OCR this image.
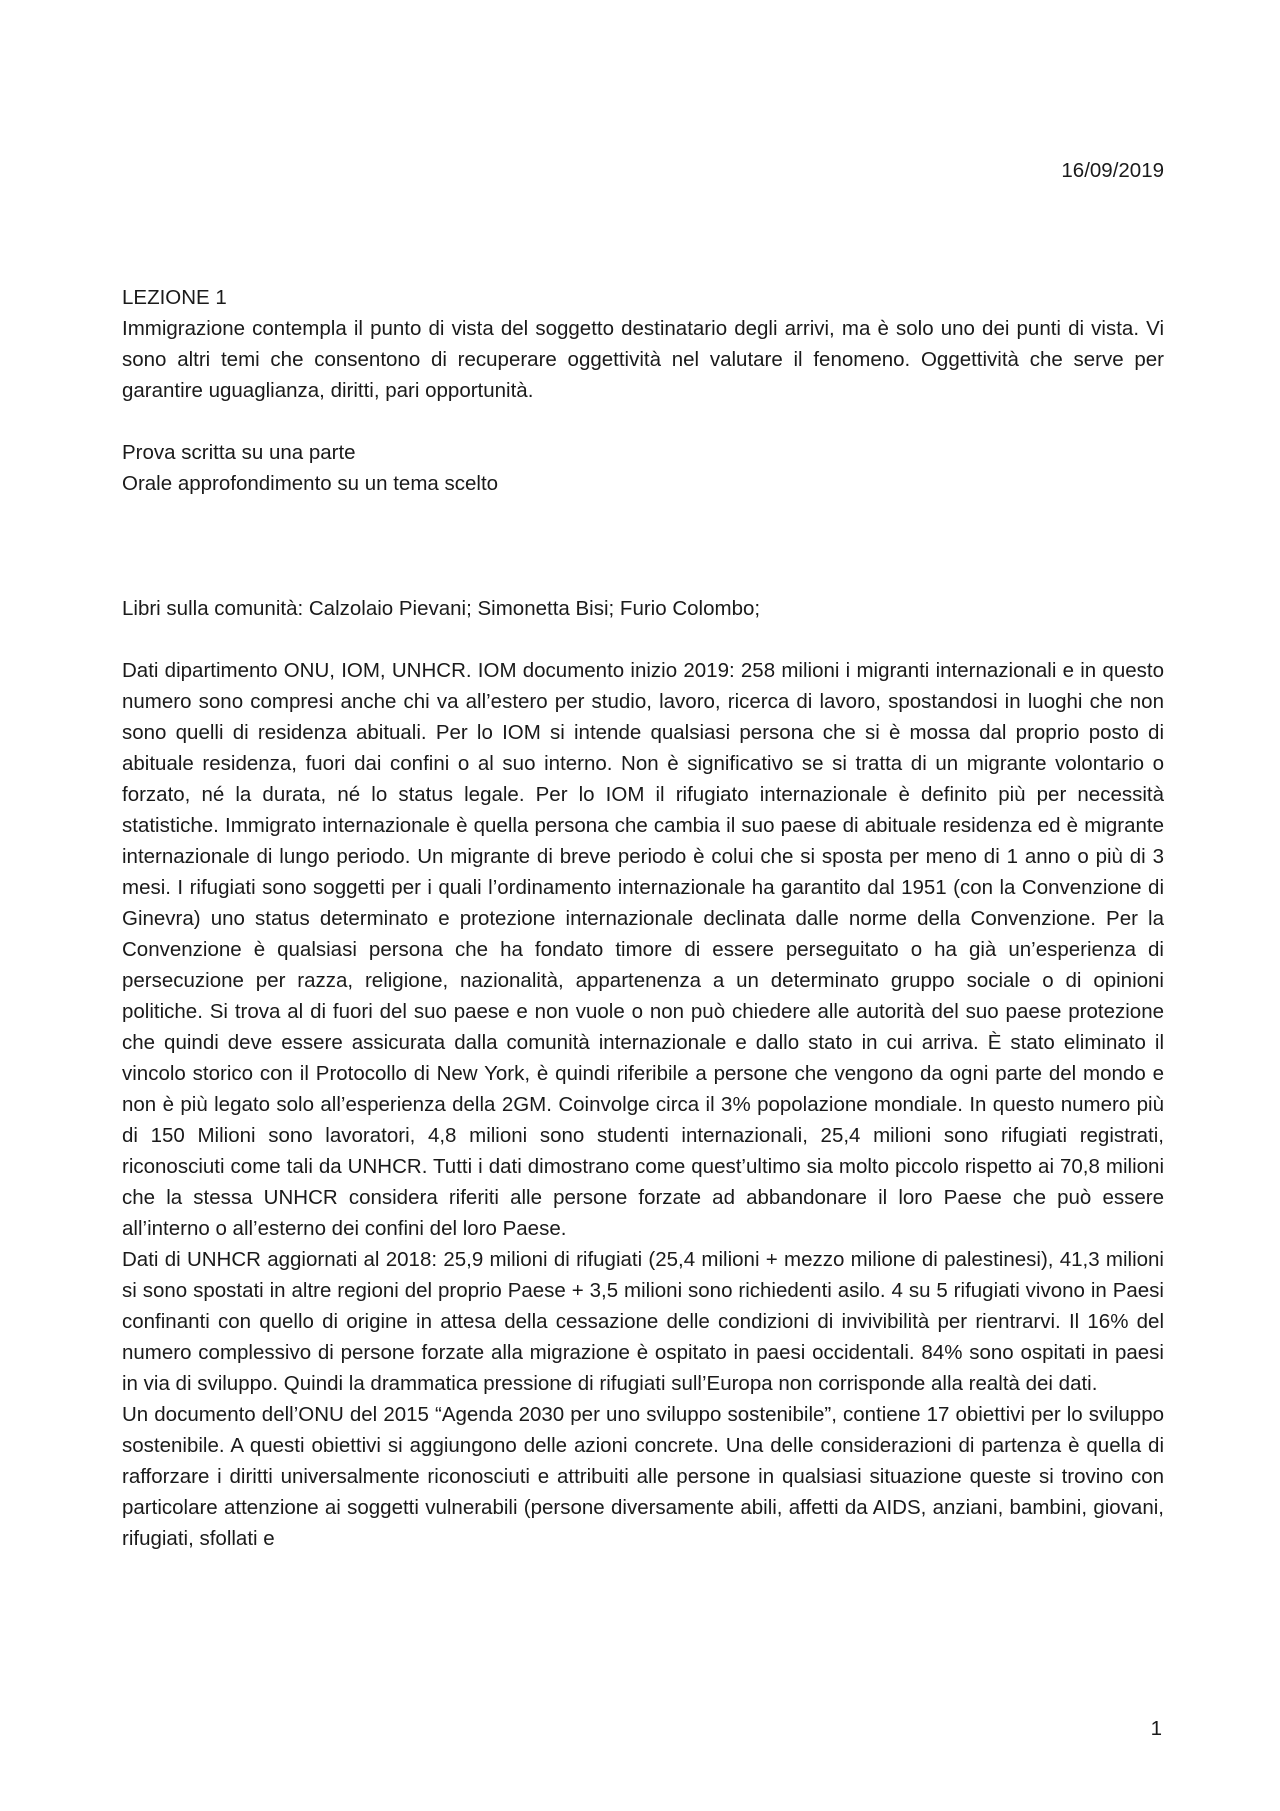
16/09/2019

LEZIONE 1

Immigrazione contempla il punto di vista del soggetto destinatario degli arrivi, ma è solo uno dei punti di vista. Vi sono altri temi che consentono di recuperare oggettività nel valutare il fenomeno. Oggettività che serve per garantire uguaglianza, diritti, pari opportunità.

Prova scritta su una parte

Orale approfondimento su un tema scelto

Libri sulla comunità: Calzolaio Pievani; Simonetta Bisi; Furio Colombo;

Dati dipartimento ONU, IOM, UNHCR. IOM documento inizio 2019: 258 milioni i migranti internazionali e in questo numero sono compresi anche chi va all’estero per studio, lavoro, ricerca di lavoro, spostandosi in luoghi che non sono quelli di residenza abituali. Per lo IOM si intende qualsiasi persona che si è mossa dal proprio posto di abituale residenza, fuori dai confini o al suo interno. Non è significativo se si tratta di un migrante volontario o forzato, né la durata, né lo status legale. Per lo IOM il rifugiato internazionale è definito più per necessità statistiche. Immigrato internazionale è quella persona che cambia il suo paese di abituale residenza ed è migrante internazionale di lungo periodo. Un migrante di breve periodo è colui che si sposta per meno di 1 anno o più di 3 mesi. I rifugiati sono soggetti per i quali l’ordinamento internazionale ha garantito dal 1951 (con la Convenzione di Ginevra) uno status determinato e protezione internazionale declinata dalle norme della Convenzione. Per la Convenzione è qualsiasi persona che ha fondato timore di essere perseguitato o ha già un’esperienza di persecuzione per razza, religione, nazionalità, appartenenza a un determinato gruppo sociale o di opinioni politiche. Si trova al di fuori del suo paese e non vuole o non può chiedere alle autorità del suo paese protezione che quindi deve essere assicurata dalla comunità internazionale e dallo stato in cui arriva. È stato eliminato il vincolo storico con il Protocollo di New York, è quindi riferibile a persone che vengono da ogni parte del mondo e non è più legato solo all’esperienza della 2GM. Coinvolge circa il 3% popolazione mondiale. In questo numero più di 150 Milioni sono lavoratori, 4,8 milioni sono studenti internazionali, 25,4 milioni sono rifugiati registrati, riconosciuti come tali da UNHCR. Tutti i dati dimostrano come quest’ultimo sia molto piccolo rispetto ai 70,8 milioni che la stessa UNHCR considera riferiti alle persone forzate ad abbandonare il loro Paese che può essere all’interno o all’esterno dei confini del loro Paese.

Dati di UNHCR aggiornati al 2018: 25,9 milioni di rifugiati (25,4 milioni + mezzo milione di palestinesi), 41,3 milioni si sono spostati in altre regioni del proprio Paese + 3,5 milioni sono richiedenti asilo. 4 su 5 rifugiati vivono in Paesi confinanti con quello di origine in attesa della cessazione delle condizioni di invivibilità per rientrarvi. Il 16% del numero complessivo di persone forzate alla migrazione è ospitato in paesi occidentali. 84% sono ospitati in paesi in via di sviluppo. Quindi la drammatica pressione di rifugiati sull’Europa non corrisponde alla realtà dei dati.

Un documento dell’ONU del 2015 “Agenda 2030 per uno sviluppo sostenibile”, contiene 17 obiettivi per lo sviluppo sostenibile. A questi obiettivi si aggiungono delle azioni concrete. Una delle considerazioni di partenza è quella di rafforzare i diritti universalmente riconosciuti e attribuiti alle persone in qualsiasi situazione queste si trovino con particolare attenzione ai soggetti vulnerabili (persone diversamente abili, affetti da AIDS, anziani, bambini, giovani, rifugiati, sfollati e

1
